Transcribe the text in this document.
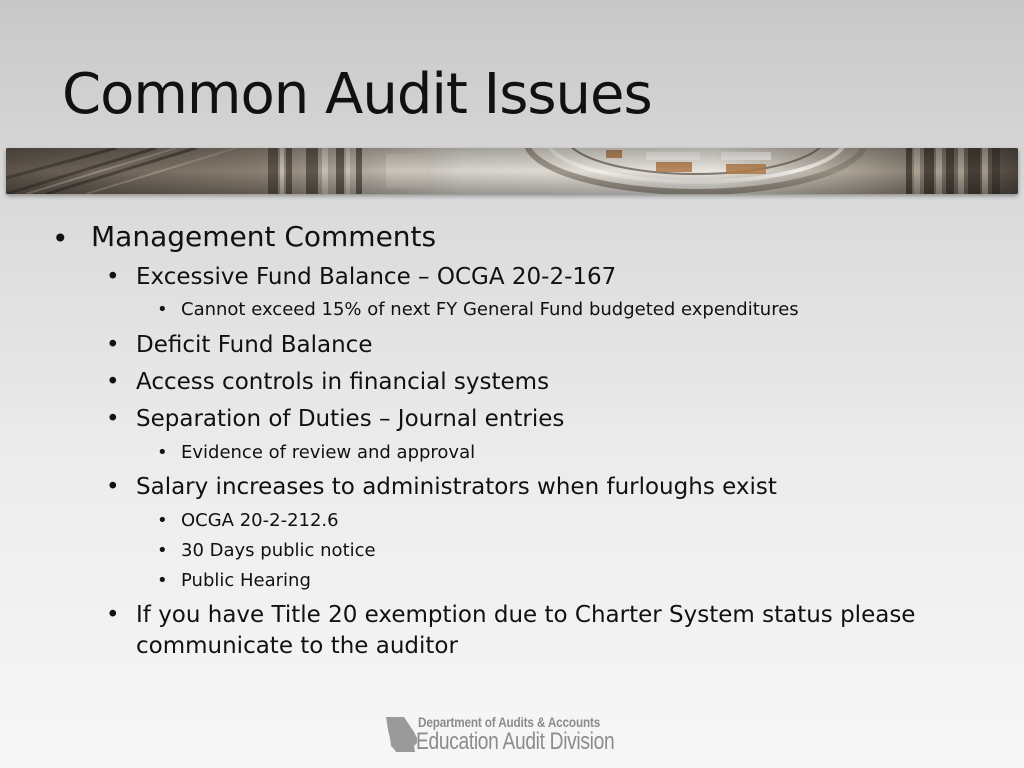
Common Audit Issues
• Management Comments
• Excessive Fund Balance – OCGA 20-2-167
• Cannot exceed 15% of next FY General Fund budgeted expenditures
• Deficit Fund Balance
• Access controls in financial systems
• Separation of Duties – Journal entries
• Evidence of review and approval
• Salary increases to administrators when furloughs exist
• OCGA 20-2-212.6
• 30 Days public notice
• Public Hearing
• If you have Title 20 exemption due to Charter System status please
communicate to the auditor
Department of Audits & Accounts
Education Audit Division
